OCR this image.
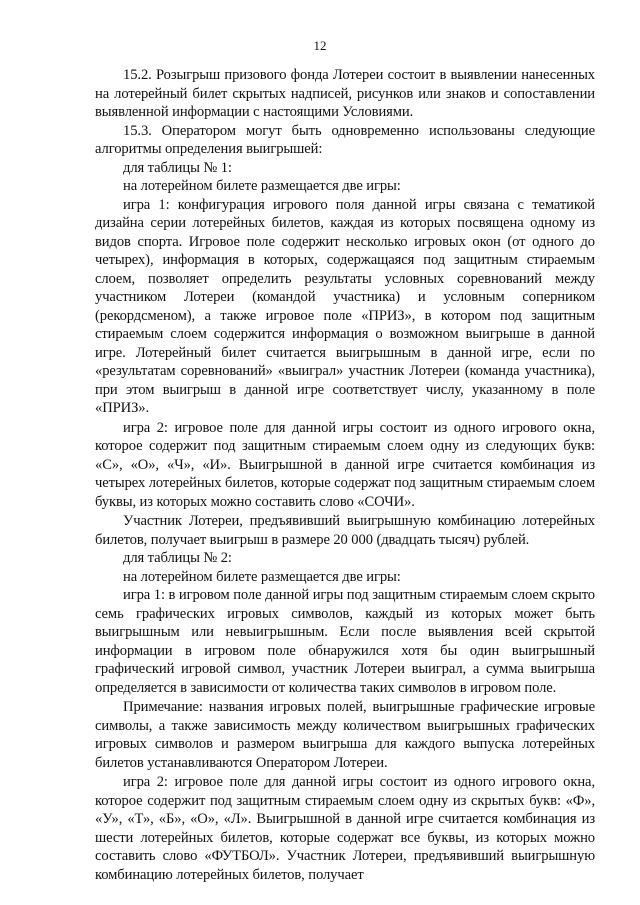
12

15.2. Розыгрыш призового фонда Лотереи состоит в выявлении нанесенных на лотерейный билет скрытых надписей, рисунков или знаков и сопоставлении выявленной информации с настоящими Условиями.

15.3. Оператором могут быть одновременно использованы следующие алгоритмы определения выигрышей:

для таблицы № 1:

на лотерейном билете размещается две игры:

игра 1: конфигурация игрового поля данной игры связана с тематикой дизайна серии лотерейных билетов, каждая из которых посвящена одному из видов спорта. Игровое поле содержит несколько игровых окон (от одного до четырех), информация в которых, содержащаяся под защитным стираемым слоем, позволяет определить результаты условных соревнований между участником Лотереи (командой участника) и условным соперником (рекордсменом), а также игровое поле «ПРИЗ», в котором под защитным стираемым слоем содержится информация о возможном выигрыше в данной игре. Лотерейный билет считается выигрышным в данной игре, если по «результатам соревнований» «выиграл» участник Лотереи (команда участника), при этом выигрыш в данной игре соответствует числу, указанному в поле «ПРИЗ».

игра 2: игровое поле для данной игры состоит из одного игрового окна, которое содержит под защитным стираемым слоем одну из следующих букв: «С», «О», «Ч», «И». Выигрышной в данной игре считается комбинация из четырех лотерейных билетов, которые содержат под защитным стираемым слоем буквы, из которых можно составить слово «СОЧИ».

Участник Лотереи, предъявивший выигрышную комбинацию лотерейных билетов, получает выигрыш в размере 20 000 (двадцать тысяч) рублей.

для таблицы № 2:

на лотерейном билете размещается две игры:

игра 1: в игровом поле данной игры под защитным стираемым слоем скрыто семь графических игровых символов, каждый из которых может быть выигрышным или невыигрышным. Если после выявления всей скрытой информации в игровом поле обнаружился хотя бы один выигрышный графический игровой символ, участник Лотереи выиграл, а сумма выигрыша определяется в зависимости от количества таких символов в игровом поле.

Примечание: названия игровых полей, выигрышные графические игровые символы, а также зависимость между количеством выигрышных графических игровых символов и размером выигрыша для каждого выпуска лотерейных билетов устанавливаются Оператором Лотереи.

игра 2: игровое поле для данной игры состоит из одного игрового окна, которое содержит под защитным стираемым слоем одну из скрытых букв: «Ф», «У», «Т», «Б», «О», «Л». Выигрышной в данной игре считается комбинация из шести лотерейных билетов, которые содержат все буквы, из которых можно составить слово «ФУТБОЛ». Участник Лотереи, предъявивший выигрышную комбинацию лотерейных билетов, получает
